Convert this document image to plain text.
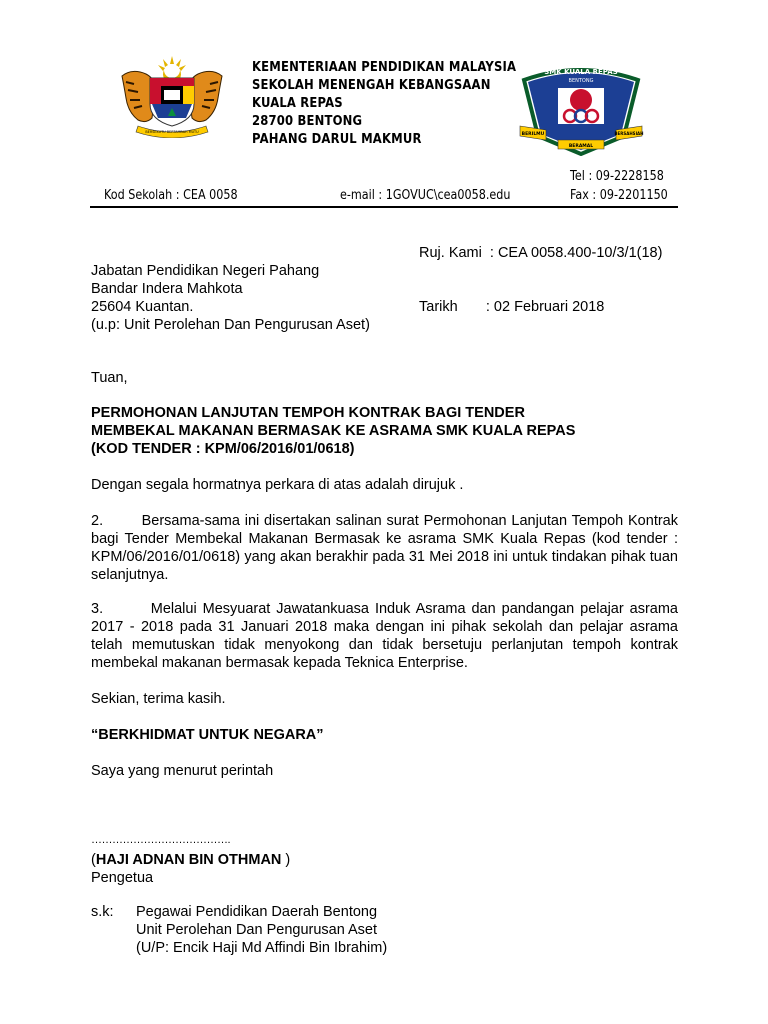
BERSEKUTU BERTAMBAH MUTU
KEMENTERIAAN PENDIDIKAN MALAYSIA
SEKOLAH MENENGAH KEBANGSAAN
KUALA REPAS
28700 BENTONG
PAHANG DARUL MAKMUR
SMK KUALA REPAS
BENTONG
BERILMU	BERSAHSIAH
BERAMAL
Tel : 09-2228158
Kod Sekolah : CEA 0058	e-mail : 1GOVUC\cea0058.edu	Fax : 09-2201150

Ruj. Kami  : CEA 0058.400-10/3/1(18)

Tarikh       : 02 Februari 2018

Jabatan Pendidikan Negeri Pahang
Bandar Indera Mahkota
25604 Kuantan.
(u.p: Unit Perolehan Dan Pengurusan Aset)
Tuan,
PERMOHONAN LANJUTAN TEMPOH KONTRAK BAGI TENDER
MEMBEKAL MAKANAN BERMASAK KE ASRAMA SMK KUALA REPAS
(KOD TENDER : KPM/06/2016/01/0618)
Dengan segala hormatnya perkara di atas adalah dirujuk .

2.        Bersama-sama ini disertakan salinan surat Permohonan Lanjutan Tempoh Kontrak bagi Tender Membekal Makanan Bermasak ke asrama SMK Kuala Repas (kod tender : KPM/06/2016/01/0618) yang akan berakhir pada 31 Mei 2018 ini untuk tindakan pihak tuan selanjutnya.

3.        Melalui Mesyuarat Jawatankuasa Induk Asrama dan pandangan pelajar asrama 2017 - 2018 pada 31 Januari 2018 maka dengan ini pihak sekolah dan pelajar asrama telah memutuskan tidak menyokong dan tidak bersetuju perlanjutan tempoh kontrak membekal makanan bermasak kepada Teknica Enterprise.

Sekian, terima kasih.
“BERKHIDMAT UNTUK NEGARA”
Saya yang menurut perintah
………………………………….
(HAJI ADNAN BIN OTHMAN )
Pengetua
s.k: Pegawai Pendidikan Daerah Bentong
Unit Perolehan Dan Pengurusan Aset
(U/P: Encik Haji Md Affindi Bin Ibrahim)
